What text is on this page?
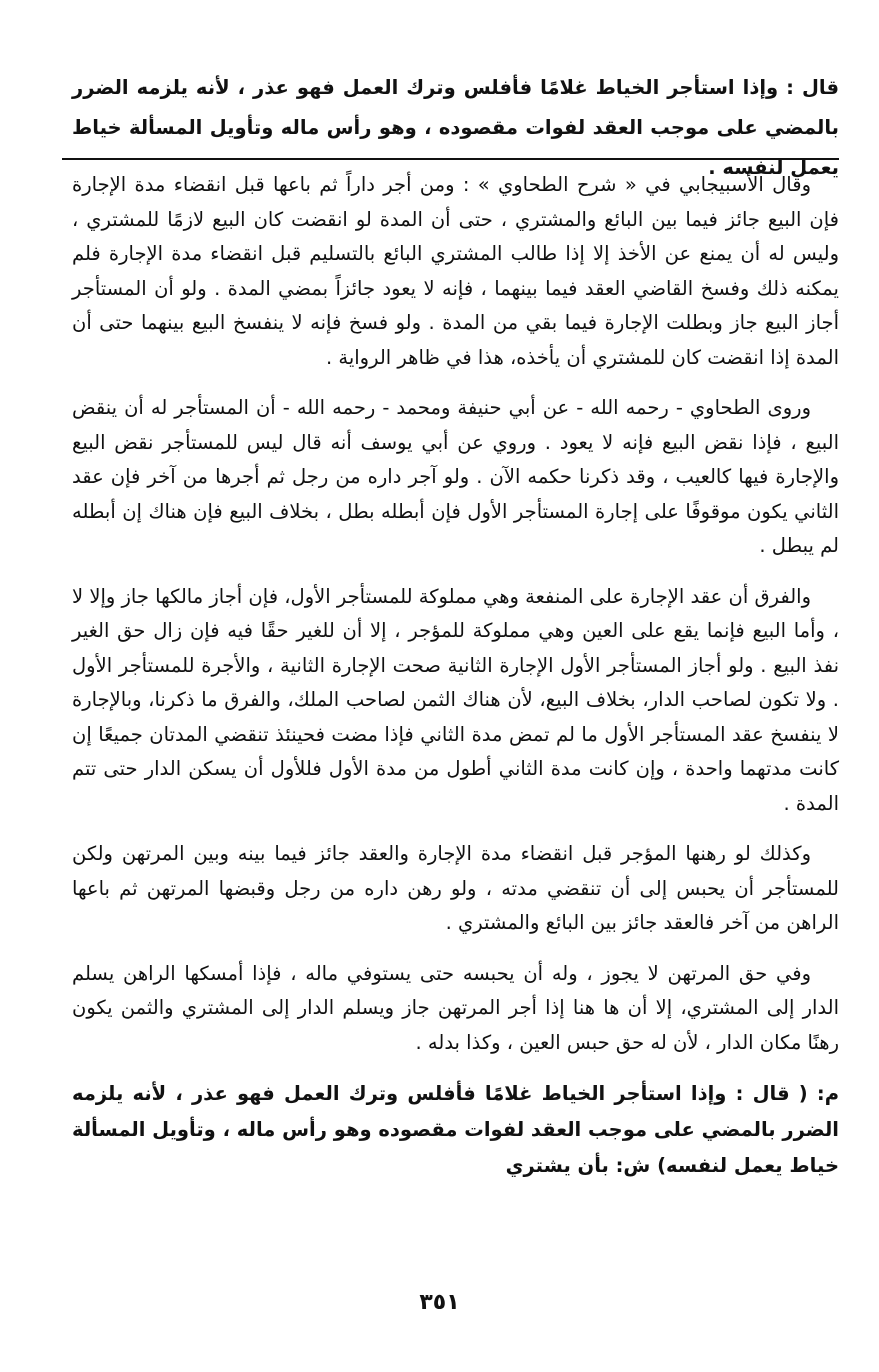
قال : وإذا استأجر الخياط غلامًا فأفلس وترك العمل فهو عذر ، لأنه يلزمه الضرر بالمضي على موجب العقد لفوات مقصوده ، وهو رأس ماله وتأويل المسألة خياط يعمل لنفسه .

وقال الأسبيجابي في « شرح الطحاوي » : ومن أجر داراً ثم باعها قبل انقضاء مدة الإجارة فإن البيع جائز فيما بين البائع والمشتري ، حتى أن المدة لو انقضت كان البيع لازمًا للمشتري ، وليس له أن يمنع عن الأخذ إلا إذا طالب المشتري البائع بالتسليم قبل انقضاء مدة الإجارة فلم يمكنه ذلك وفسخ القاضي العقد فيما بينهما ، فإنه لا يعود جائزاً بمضي المدة . ولو أن المستأجر أجاز البيع جاز وبطلت الإجارة فيما بقي من المدة . ولو فسخ فإنه لا ينفسخ البيع بينهما حتى أن المدة إذا انقضت كان للمشتري أن يأخذه، هذا في ظاهر الرواية .

وروى الطحاوي - رحمه الله - عن أبي حنيفة ومحمد - رحمه الله - أن المستأجر له أن ينقض البيع ، فإذا نقض البيع فإنه لا يعود . وروي عن أبي يوسف أنه قال ليس للمستأجر نقض البيع والإجارة فيها كالعيب ، وقد ذكرنا حكمه الآن . ولو آجر داره من رجل ثم أجرها من آخر فإن عقد الثاني يكون موقوفًا على إجارة المستأجر الأول فإن أبطله بطل ، بخلاف البيع فإن هناك إن أبطله لم يبطل .

والفرق أن عقد الإجارة على المنفعة وهي مملوكة للمستأجر الأول، فإن أجاز مالكها جاز وإلا لا ، وأما البيع فإنما يقع على العين وهي مملوكة للمؤجر ، إلا أن للغير حقًا فيه فإن زال حق الغير نفذ البيع . ولو أجاز المستأجر الأول الإجارة الثانية صحت الإجارة الثانية ، والأجرة للمستأجر الأول . ولا تكون لصاحب الدار، بخلاف البيع، لأن هناك الثمن لصاحب الملك، والفرق ما ذكرنا، وبالإجارة لا ينفسخ عقد المستأجر الأول ما لم تمض مدة الثاني فإذا مضت فحينئذ تنقضي المدتان جميعًا إن كانت مدتهما واحدة ، وإن كانت مدة الثاني أطول من مدة الأول فللأول أن يسكن الدار حتى تتم المدة .

وكذلك لو رهنها المؤجر قبل انقضاء مدة الإجارة والعقد جائز فيما بينه وبين المرتهن ولكن للمستأجر أن يحبس إلى أن تنقضي مدته ، ولو رهن داره من رجل وقبضها المرتهن ثم باعها الراهن من آخر فالعقد جائز بين البائع والمشتري .

وفي حق المرتهن لا يجوز ، وله أن يحبسه حتى يستوفي ماله ، فإذا أمسكها الراهن يسلم الدار إلى المشتري، إلا أن ها هنا إذا أجر المرتهن جاز ويسلم الدار إلى المشتري والثمن يكون رهنًا مكان الدار ، لأن له حق حبس العين ، وكذا بدله .

م: ( قال : وإذا استأجر الخياط غلامًا فأفلس وترك العمل فهو عذر ، لأنه يلزمه الضرر بالمضي على موجب العقد لفوات مقصوده وهو رأس ماله ، وتأويل المسألة خياط يعمل لنفسه) ش: بأن يشتري

٣٥١
